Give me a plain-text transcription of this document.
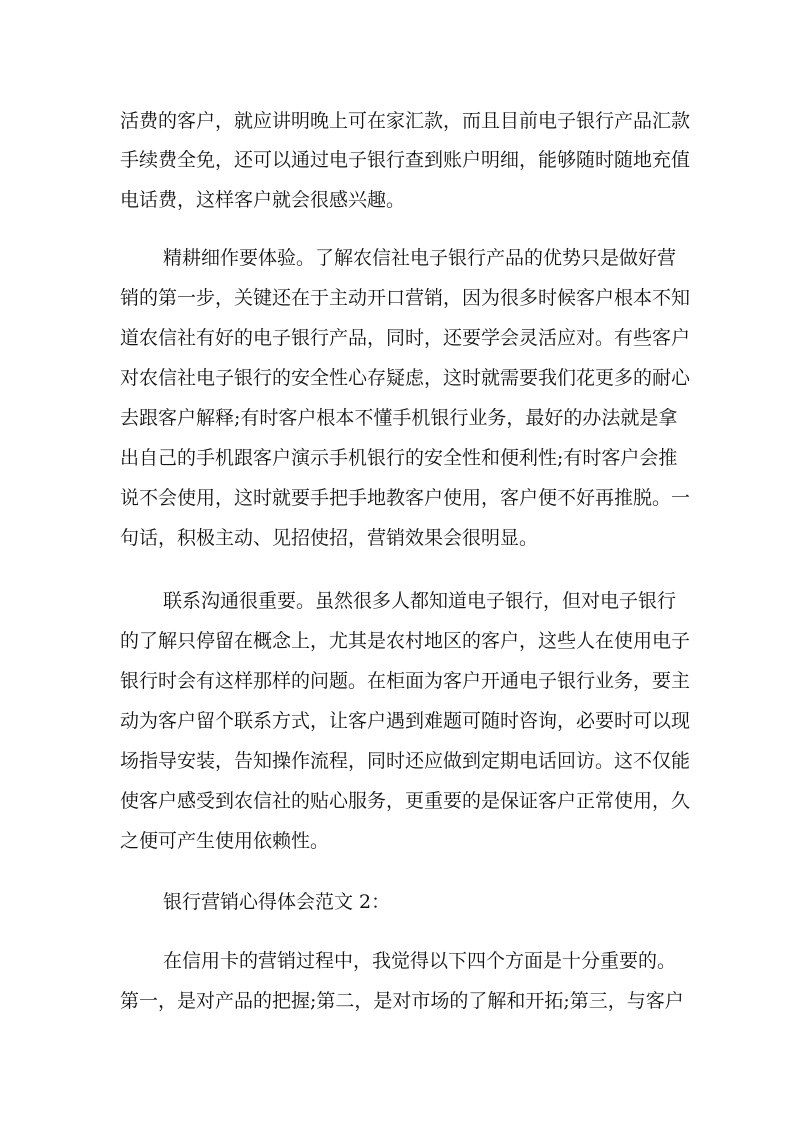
活费的客户，就应讲明晚上可在家汇款，而且目前电子银行产品汇款
手续费全免，还可以通过电子银行查到账户明细，能够随时随地充值
电话费，这样客户就会很感兴趣。
精耕细作要体验。了解农信社电子银行产品的优势只是做好营
销的第一步，关键还在于主动开口营销，因为很多时候客户根本不知
道农信社有好的电子银行产品，同时，还要学会灵活应对。有些客户
对农信社电子银行的安全性心存疑虑，这时就需要我们花更多的耐心
去跟客户解释;有时客户根本不懂手机银行业务，最好的办法就是拿
出自己的手机跟客户演示手机银行的安全性和便利性;有时客户会推
说不会使用，这时就要手把手地教客户使用，客户便不好再推脱。一
句话，积极主动、见招使招，营销效果会很明显。
联系沟通很重要。虽然很多人都知道电子银行，但对电子银行
的了解只停留在概念上，尤其是农村地区的客户，这些人在使用电子
银行时会有这样那样的问题。在柜面为客户开通电子银行业务，要主
动为客户留个联系方式，让客户遇到难题可随时咨询，必要时可以现
场指导安装，告知操作流程，同时还应做到定期电话回访。这不仅能
使客户感受到农信社的贴心服务，更重要的是保证客户正常使用，久
之便可产生使用依赖性。
银行营销心得体会范文 2：
在信用卡的营销过程中，我觉得以下四个方面是十分重要的。
第一，是对产品的把握;第二，是对市场的了解和开拓;第三，与客户
